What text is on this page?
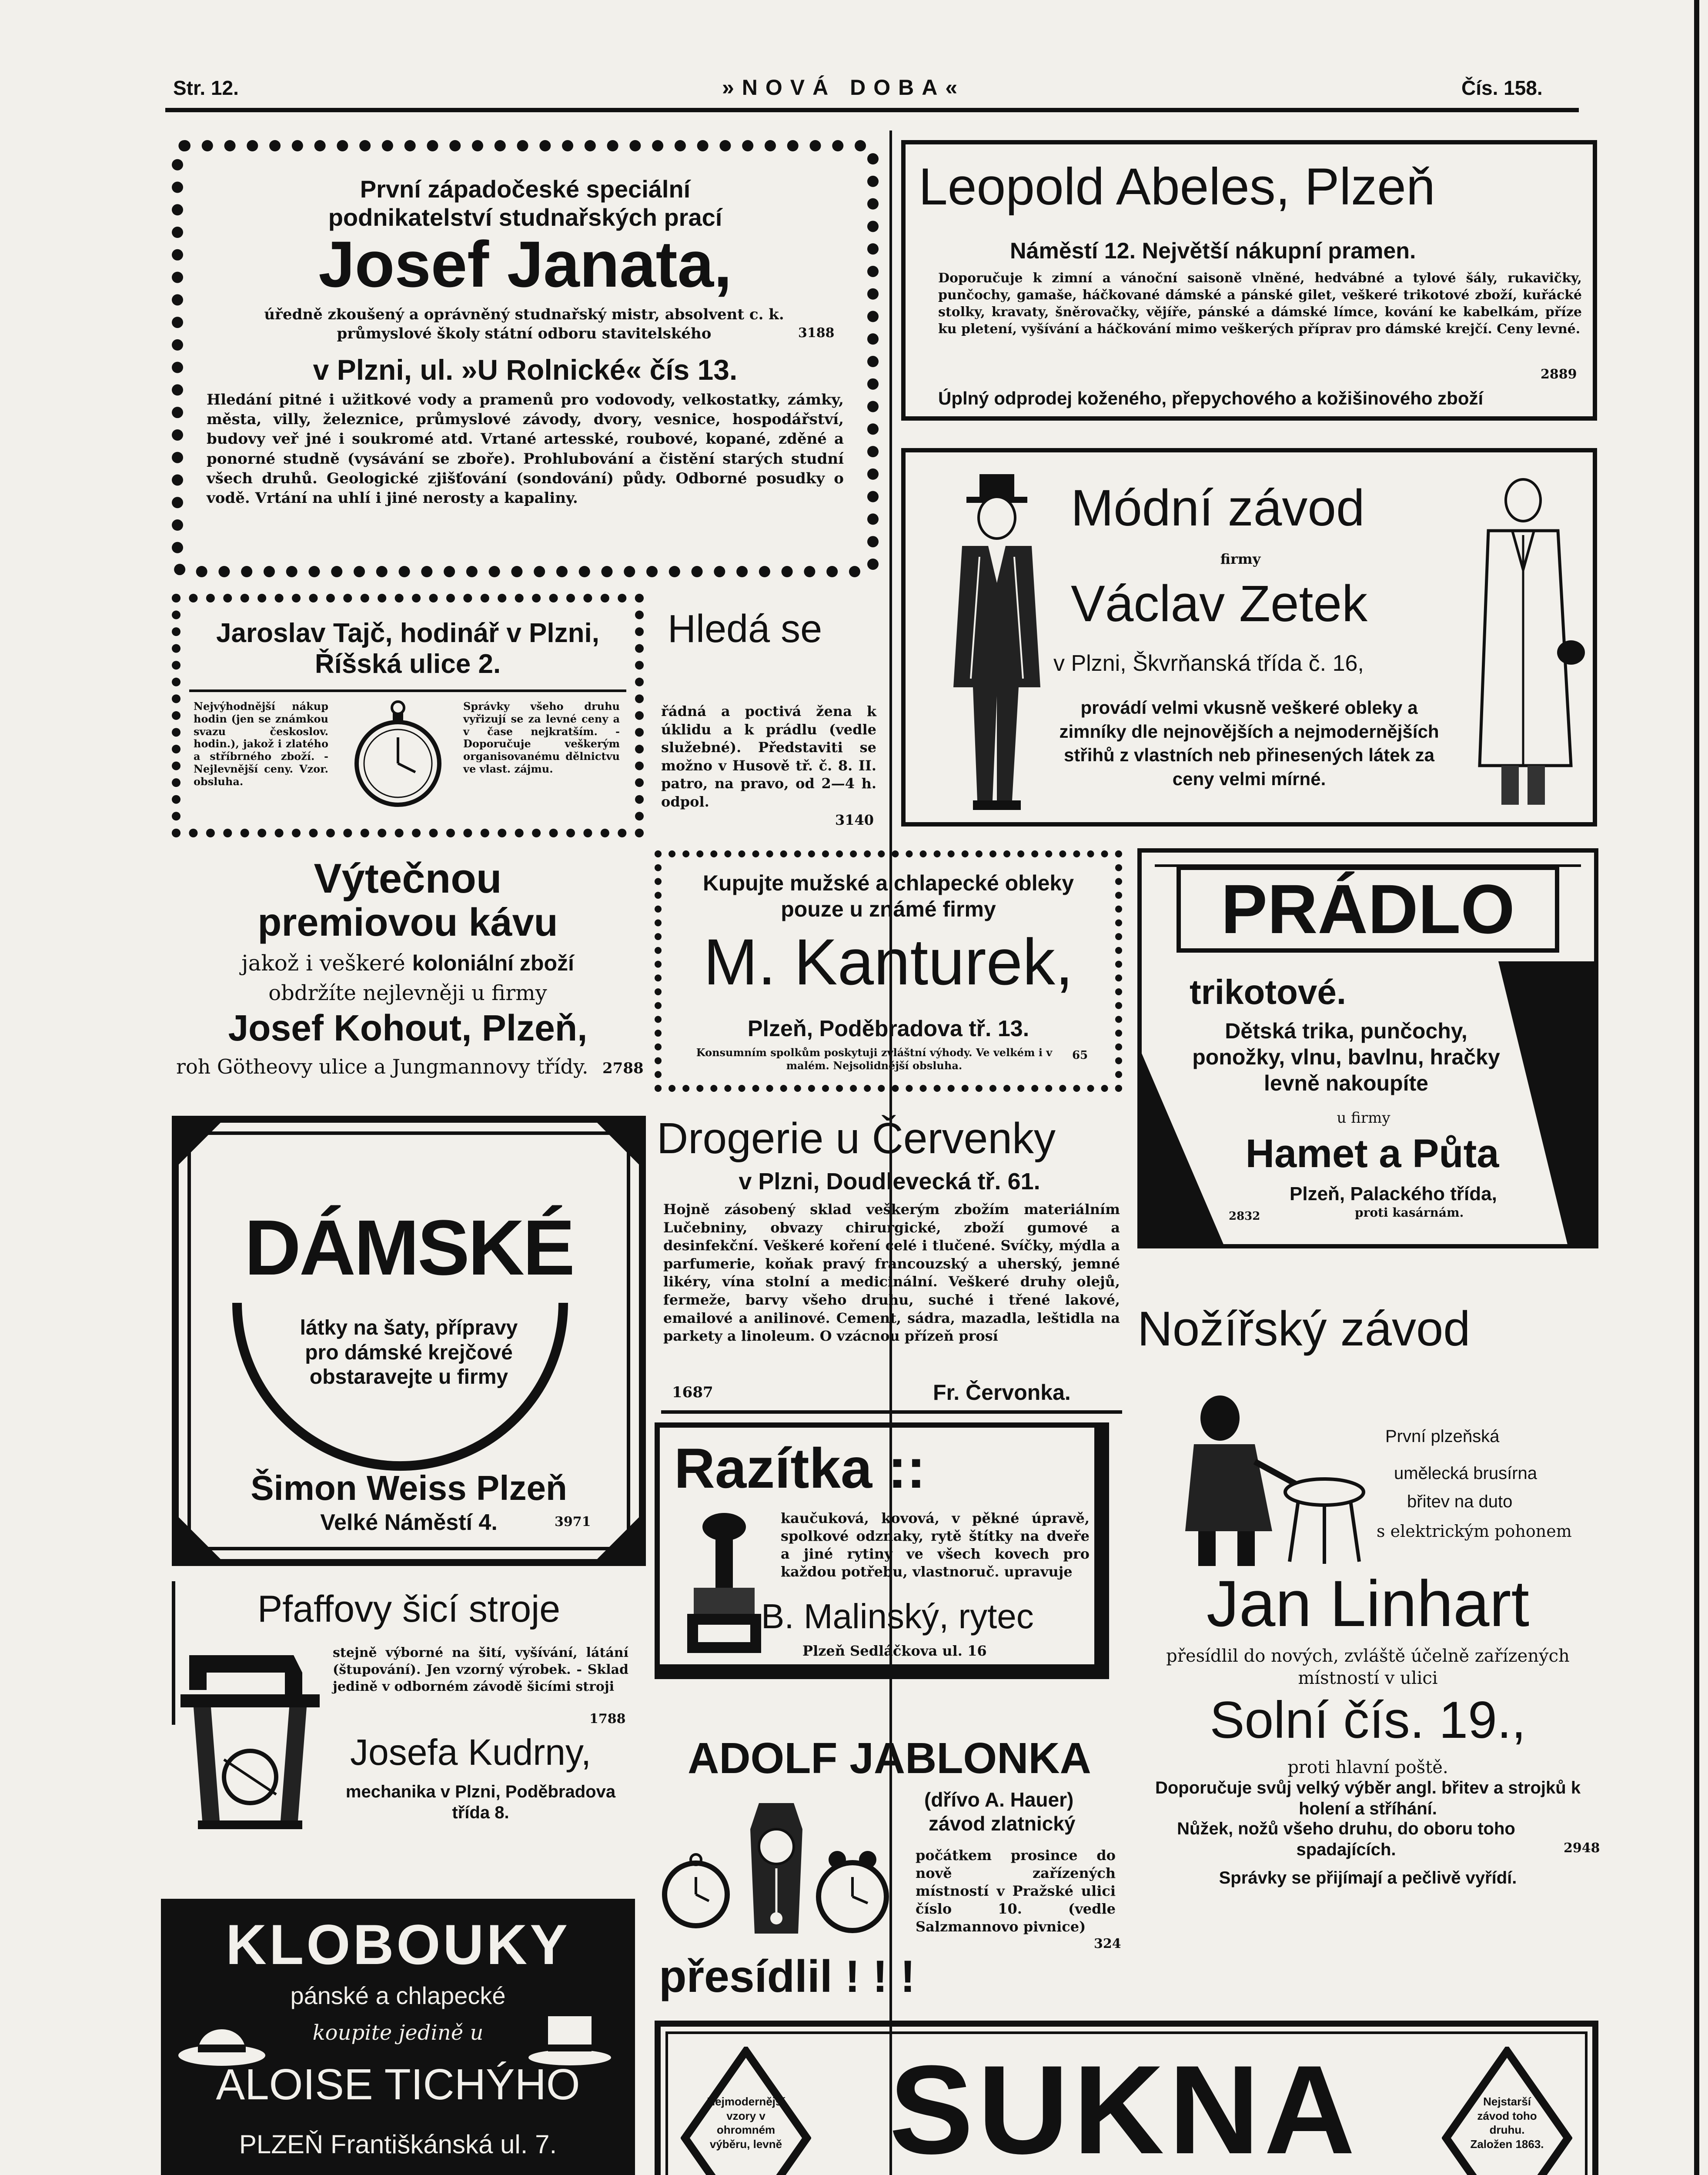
Str. 12.	»NOVÁ DOBA«	Čís. 158.
První západočeské speciální
podnikatelství studnařských prací
Josef Janata,
úředně zkoušený a oprávněný studnařský mistr, absolvent c. k. průmyslové školy státní odboru stavitelského	3188
v Plzni, ul. »U Rolnické« čís 13.
Hledání pitné i užitkové vody a pramenů pro vodovody, velkostatky, zámky, města, villy, železnice, průmyslové závody, dvory, vesnice, hospodářství, budovy veř jné i soukromé atd. Vrtané artesské, roubové, kopané, zděné a ponorné studně (vysávání se zboře). Prohlubování a čistění starých studní všech druhů. Geologické zjišťování (sondování) půdy. Odborné posudky o vodě. Vrtání na uhlí i jiné nerosty a kapaliny.
Leopold Abeles, Plzeň
Náměstí 12. Největší nákupní pramen.
Doporučuje k zimní a vánoční saisoně vlněné, hedvábné a tylové šály, rukavičky, punčochy, gamaše, háčkované dámské a pánské gilet, veškeré trikotové zboží, kuřácké stolky, kravaty, šněrovačky, vějíře, pánské a dámské límce, kování ke kabelkám, příze ku pletení, vyšívání a háčkování mimo veškerých příprav pro dámské krejčí. Ceny levné.
2889
Úplný odprodej koženého, přepychového a kožišinového zboží
Módní závod
firmy
Václav Zetek
v Plzni, Škvrňanská třída č. 16,
provádí velmi vkusně veškeré obleky a zimníky dle nejnovějších a nejmodernějších střihů z vlastních neb přinesených látek za ceny velmi mírné.
Jaroslav Tajč, hodinář v Plzni, Říšská ulice 2.
Nejvýhodnější nákup hodin (jen se známkou svazu českoslov. hodin.), jakož i zlatého a stříbrného zboží. - Nejlevnější ceny. Vzor. obsluha.
Správky všeho druhu vyřizují se za levné ceny a v čase nejkratším. - Doporučuje veškerým organisovanému dělnictvu ve vlast. zájmu.
Hledá se
řádná a poctivá žena k úklidu a k prádlu (vedle služebné). Představiti se možno v Husově tř. č. 8. II. patro, na pravo, od 2—4 h. odpol.
3140
Výtečnou
premiovou kávu
jakož i veškeré koloniální zboží
obdržíte nejlevněji u firmy
Josef Kohout, Plzeň,
roh Götheovy ulice a Jungmannovy třídy. 2788
Kupujte mužské a chlapecké obleky pouze u známé firmy
M. Kanturek,
Plzeň, Poděbradova tř. 13.
Konsumním spolkům poskytuji zvláštní výhody. Ve velkém i v malém. Nejsolidnější obsluha.
65
PRÁDLO
trikotové.
Dětská trika, punčochy, ponožky, vlnu, bavlnu, hračky levně nakoupíte
u firmy
Hamet a Půta
Plzeň, Palackého třída,
proti kasárnám.
2832
DÁMSKÉ
látky na šaty, přípravy pro dámské krejčové obstaravejte u firmy
Šimon Weiss Plzeň
Velké Náměstí 4.	3971
Drogerie u Červenky
v Plzni, Doudlevecká tř. 61.
Hojně zásobený sklad veškerým zbožím materiálním Lučebniny, obvazy chirurgické, zboží gumové a desinfekční. Veškeré koření celé i tlučené. Svíčky, mýdla a parfumerie, koňak pravý francouzský a uherský, jemné likéry, vína stolní a medicinální. Veškeré druhy olejů, fermeže, barvy všeho druhu, suché i třené lakové, emailové a anilinové. Cement, sádra, mazadla, leštidla na parkety a linoleum. O vzácnou přízeň prosí
1687	Fr. Červonka.
Nožířský závod
První plzeňská
umělecká brusírna
břitev na duto
s elektrickým pohonem
Jan Linhart
přesídlil do nových, zvláště účelně zařízených místností v ulici
Solní čís. 19.,
proti hlavní poště.
Doporučuje svůj velký výběr angl. břitev a strojků k holení a stříhání.
Nůžek, nožů všeho druhu, do oboru toho spadajících.	2948
Správky se přijímají a pečlivě vyřídí.
Razítka ::
kaučuková, kovová, v pěkné úpravě, spolkové odznaky, rytě štítky na dveře a jiné rytiny ve všech kovech pro každou potřebu, vlastnoruč. upravuje
B. Malinský, rytec
Plzeň Sedláčkova ul. 16
Pfaffovy šicí stroje
stejně výborné na šití, vyšívání, látání (štupování). Jen vzorný výrobek. - Sklad jedině v odborném závodě šicími stroji
1788
Josefa Kudrny,
mechanika v Plzni, Poděbradova třída 8.
ADOLF JABLONKA
(dřívo A. Hauer)
závod zlatnický
počátkem prosince do nově zařízených místností v Pražské ulici číslo 10. (vedle Salzmannovo pivnice)
324
přesídlil ! ! !
KLOBOUKY
pánské a chlapecké
koupite jedině u
ALOISE TICHÝHO
PLZEŇ Františkánská ul. 7.
Nejmodernější vzory v ohromném výběru, levně SUKNA	Nejstarší závod toho druhu. Založen 1863.
